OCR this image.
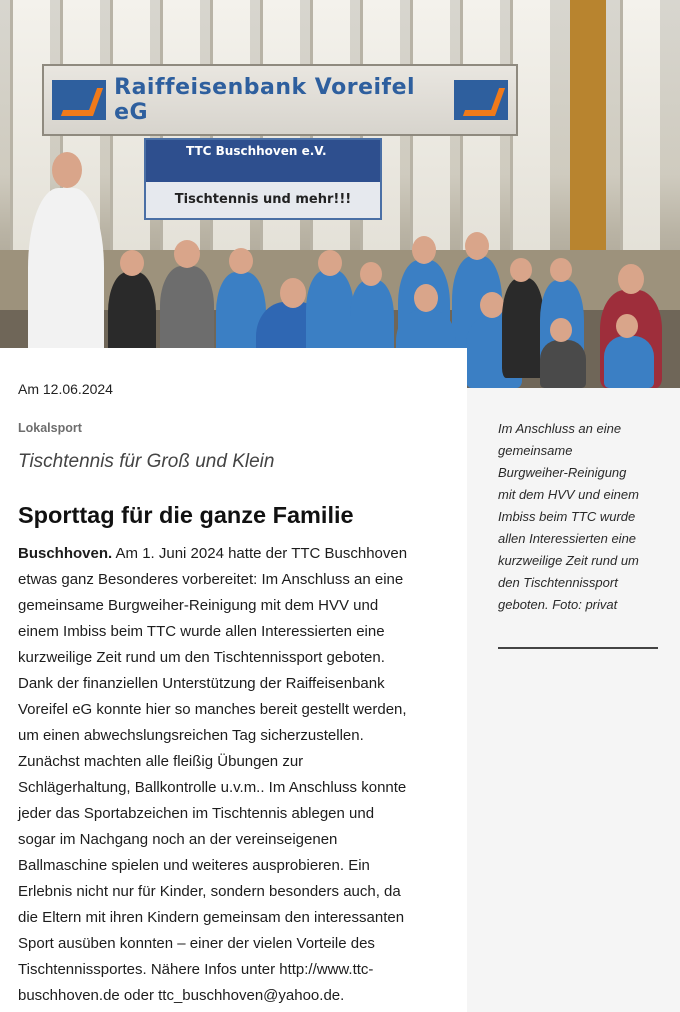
Raiffeisenbank Voreifel eG
TTC Buschhoven e.V.
Tischtennis und mehr!!!
Am 12.06.2024
Lokalsport
Tischtennis für Groß und Klein
Sporttag für die ganze Familie
Buschhoven. Am 1. Juni 2024 hatte der TTC Buschhoven
etwas ganz Besonderes vorbereitet: Im Anschluss an eine
gemeinsame Burgweiher-Reinigung mit dem HVV und
einem Imbiss beim TTC wurde allen Interessierten eine
kurzweilige Zeit rund um den Tischtennissport geboten.
Dank der finanziellen Unterstützung der Raiffeisenbank
Voreifel eG konnte hier so manches bereit gestellt werden,
um einen abwechslungsreichen Tag sicherzustellen.
Zunächst machten alle fleißig Übungen zur
Schlägerhaltung, Ballkontrolle u.v.m.. Im Anschluss konnte
jeder das Sportabzeichen im Tischtennis ablegen und
sogar im Nachgang noch an der vereinseigenen
Ballmaschine spielen und weiteres ausprobieren. Ein
Erlebnis nicht nur für Kinder, sondern besonders auch, da
die Eltern mit ihren Kindern gemeinsam den interessanten
Sport ausüben konnten – einer der vielen Vorteile des
Tischtennissportes. Nähere Infos unter http://www.ttc-
buschhoven.de oder ttc_buschhoven@yahoo.de.
Im Anschluss an eine
gemeinsame
Burgweiher-Reinigung
mit dem HVV und einem
Imbiss beim TTC wurde
allen Interessierten eine
kurzweilige Zeit rund um
den Tischtennissport
geboten. Foto: privat
